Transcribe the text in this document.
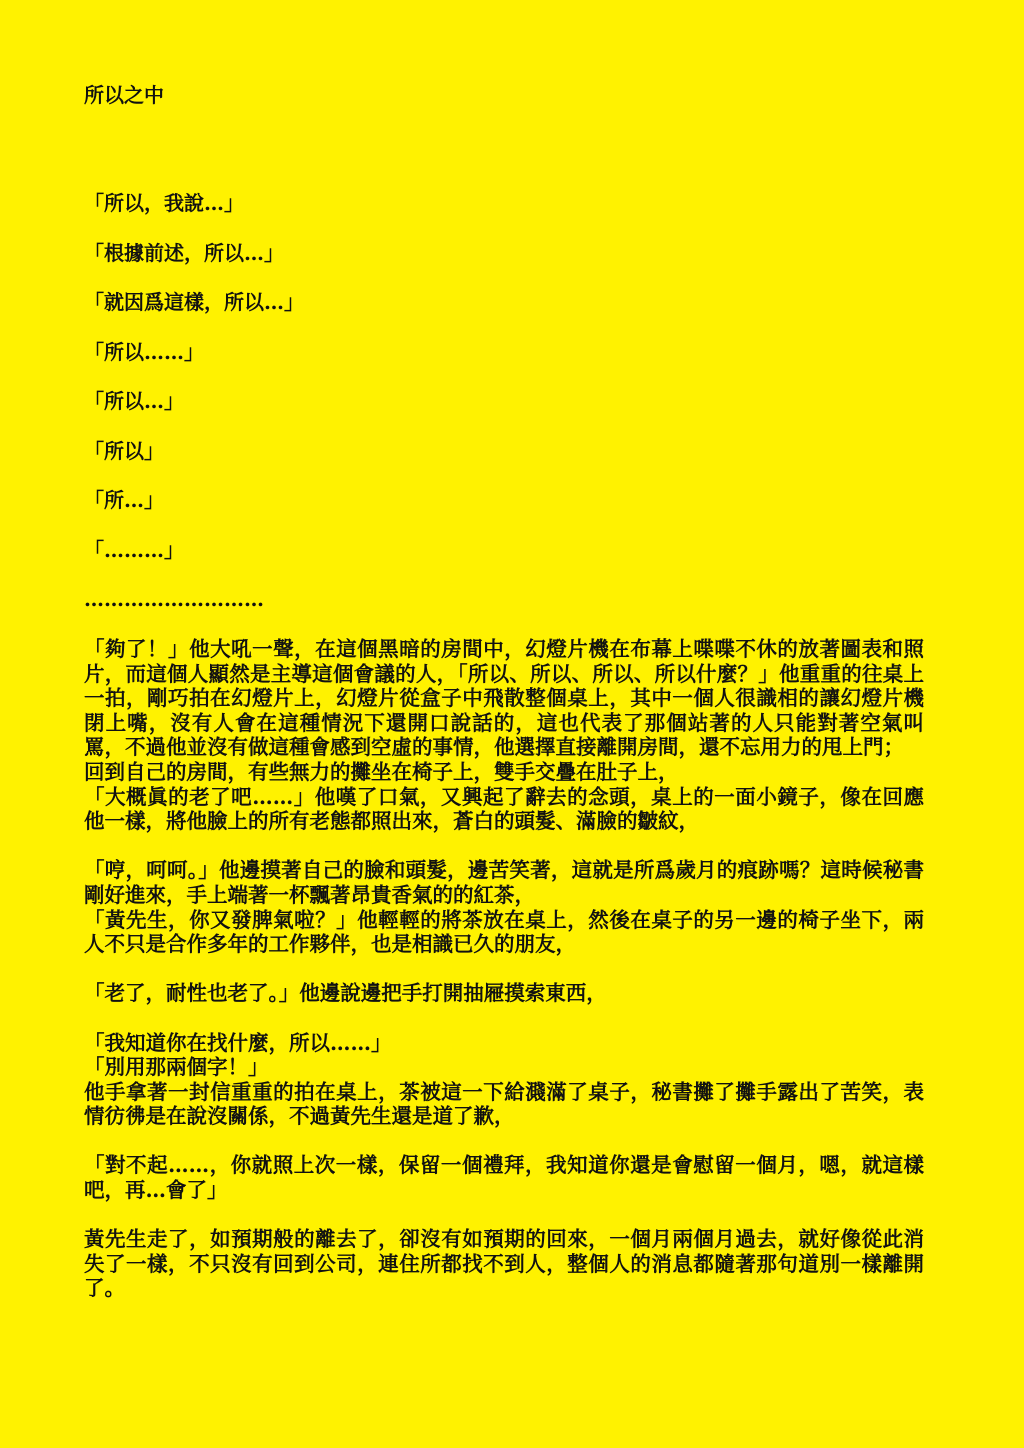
所以之中
「所以，我說…」
「根據前述，所以…」
「就因爲這樣，所以…」
「所以……」
「所以…」
「所以」
「所…」
「………」
………………………

「夠了！」他大吼一聲，在這個黑暗的房間中，幻燈片機在布幕上喋喋不休的放著圖表和照片，而這個人顯然是主導這個會議的人，「所以、所以、所以、所以什麼？」他重重的往桌上一拍，剛巧拍在幻燈片上，幻燈片從盒子中飛散整個桌上，其中一個人很識相的讓幻燈片機閉上嘴，沒有人會在這種情況下還開口說話的，這也代表了那個站著的人只能對著空氣叫罵，不過他並沒有做這種會感到空虛的事情，他選擇直接離開房間，還不忘用力的甩上門；

回到自己的房間，有些無力的攤坐在椅子上，雙手交疊在肚子上，

「大概眞的老了吧……」他嘆了口氣，又興起了辭去的念頭，桌上的一面小鏡子，像在回應他一樣，將他臉上的所有老態都照出來，蒼白的頭髮、滿臉的皺紋，

「哼，呵呵。」他邊摸著自己的臉和頭髮，邊苦笑著，這就是所爲歲月的痕跡嗎？這時候秘書剛好進來，手上端著一杯飄著昂貴香氣的的紅茶，

「黃先生，你又發脾氣啦？」他輕輕的將茶放在桌上，然後在桌子的另一邊的椅子坐下，兩人不只是合作多年的工作夥伴，也是相識已久的朋友，

「老了，耐性也老了。」他邊說邊把手打開抽屜摸索東西，

「我知道你在找什麼，所以……」

「別用那兩個字！」

他手拿著一封信重重的拍在桌上，茶被這一下給濺滿了桌子，秘書攤了攤手露出了苦笑，表情彷彿是在說沒關係，不過黃先生還是道了歉，

「對不起……，你就照上次一樣，保留一個禮拜，我知道你還是會慰留一個月，嗯，就這樣吧，再…會了」

黃先生走了，如預期般的離去了，卻沒有如預期的回來，一個月兩個月過去，就好像從此消失了一樣，不只沒有回到公司，連住所都找不到人，整個人的消息都隨著那句道別一樣離開了。
